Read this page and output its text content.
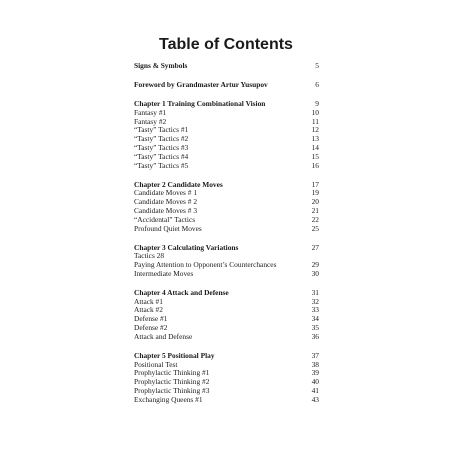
Table of Contents
Signs & Symbols	5
Foreword by Grandmaster Artur Yusupov	6
Chapter 1 Training Combinational Vision	9
Fantasy #1	10
Fantasy #2	11
“Tasty” Tactics #1	12
“Tasty” Tactics #2	13
“Tasty” Tactics #3	14
“Tasty” Tactics #4	15
“Tasty” Tactics #5	16
Chapter 2 Candidate Moves	17
Candidate Moves # 1	19
Candidate Moves # 2	20
Candidate Moves # 3	21
“Accidental” Tactics	22
Profound Quiet Moves	25
Chapter 3 Calculating Variations	27
Tactics 28
Paying Attention to Opponent’s Counterchances	29
Intermediate Moves	30
Chapter 4 Attack and Defense	31
Attack #1	32
Attack #2	33
Defense #1	34
Defense #2	35
Attack and Defense	36
Chapter 5 Positional Play	37
Positional Test	38
Prophylactic Thinking #1	39
Prophylactic Thinking #2	40
Prophylactic Thinking #3	41
Exchanging Queens #1	43
